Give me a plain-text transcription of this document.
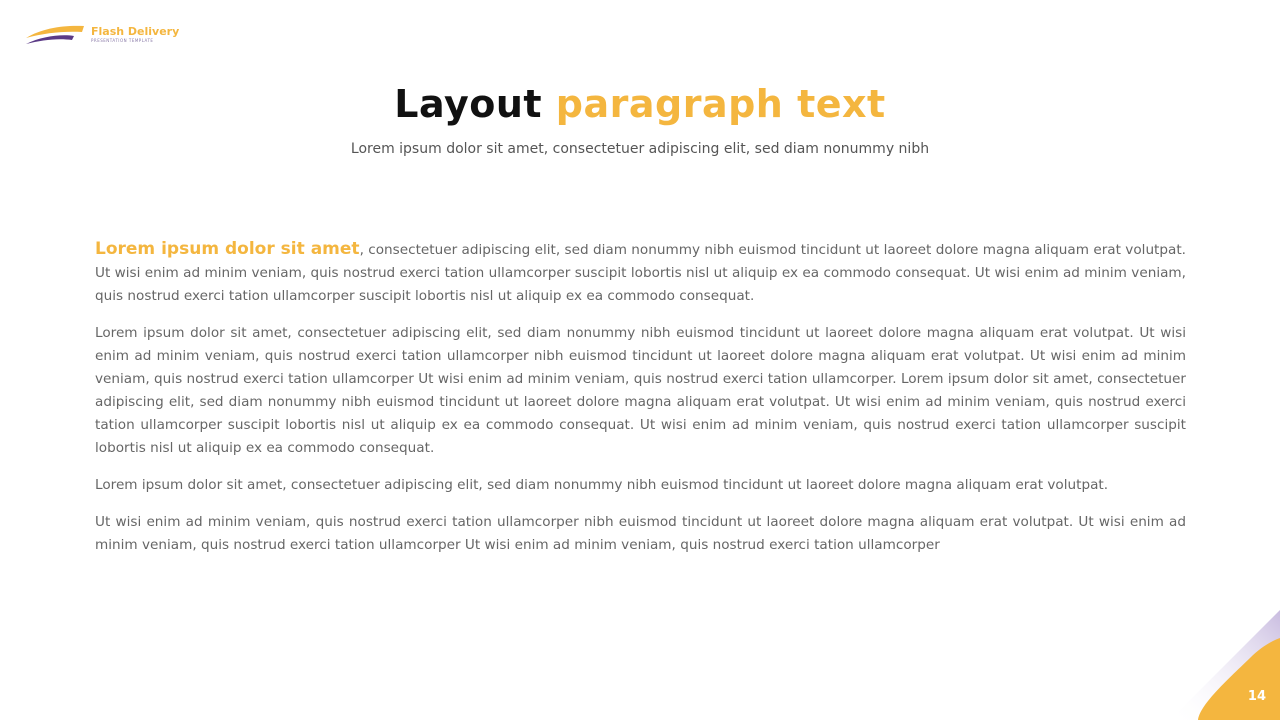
Flash Delivery
PRESENTATION TEMPLATE
Layout paragraph text

Lorem ipsum dolor sit amet, consectetuer adipiscing elit, sed diam nonummy nibh

Lorem ipsum dolor sit amet, consectetuer adipiscing elit, sed diam nonummy nibh euismod tincidunt ut laoreet dolore magna aliquam erat volutpat. Ut wisi enim ad minim veniam, quis nostrud exerci tation ullamcorper suscipit lobortis nisl ut aliquip ex ea commodo consequat. Ut wisi enim ad minim veniam, quis nostrud exerci tation ullamcorper suscipit lobortis nisl ut aliquip ex ea commodo consequat.

Lorem ipsum dolor sit amet, consectetuer adipiscing elit, sed diam nonummy nibh euismod tincidunt ut laoreet dolore magna aliquam erat volutpat. Ut wisi enim ad minim veniam, quis nostrud exerci tation ullamcorper nibh euismod tincidunt ut laoreet dolore magna aliquam erat volutpat. Ut wisi enim ad minim veniam, quis nostrud exerci tation ullamcorper Ut wisi enim ad minim veniam, quis nostrud exerci tation ullamcorper. Lorem ipsum dolor sit amet, consectetuer adipiscing elit, sed diam nonummy nibh euismod tincidunt ut laoreet dolore magna aliquam erat volutpat. Ut wisi enim ad minim veniam, quis nostrud exerci tation ullamcorper suscipit lobortis nisl ut aliquip ex ea commodo consequat. Ut wisi enim ad minim veniam, quis nostrud exerci tation ullamcorper suscipit lobortis nisl ut aliquip ex ea commodo consequat.

Lorem ipsum dolor sit amet, consectetuer adipiscing elit, sed diam nonummy nibh euismod tincidunt ut laoreet dolore magna aliquam erat volutpat.

Ut wisi enim ad minim veniam, quis nostrud exerci tation ullamcorper nibh euismod tincidunt ut laoreet dolore magna aliquam erat volutpat. Ut wisi enim ad minim veniam, quis nostrud exerci tation ullamcorper Ut wisi enim ad minim veniam, quis nostrud exerci tation ullamcorper

14
